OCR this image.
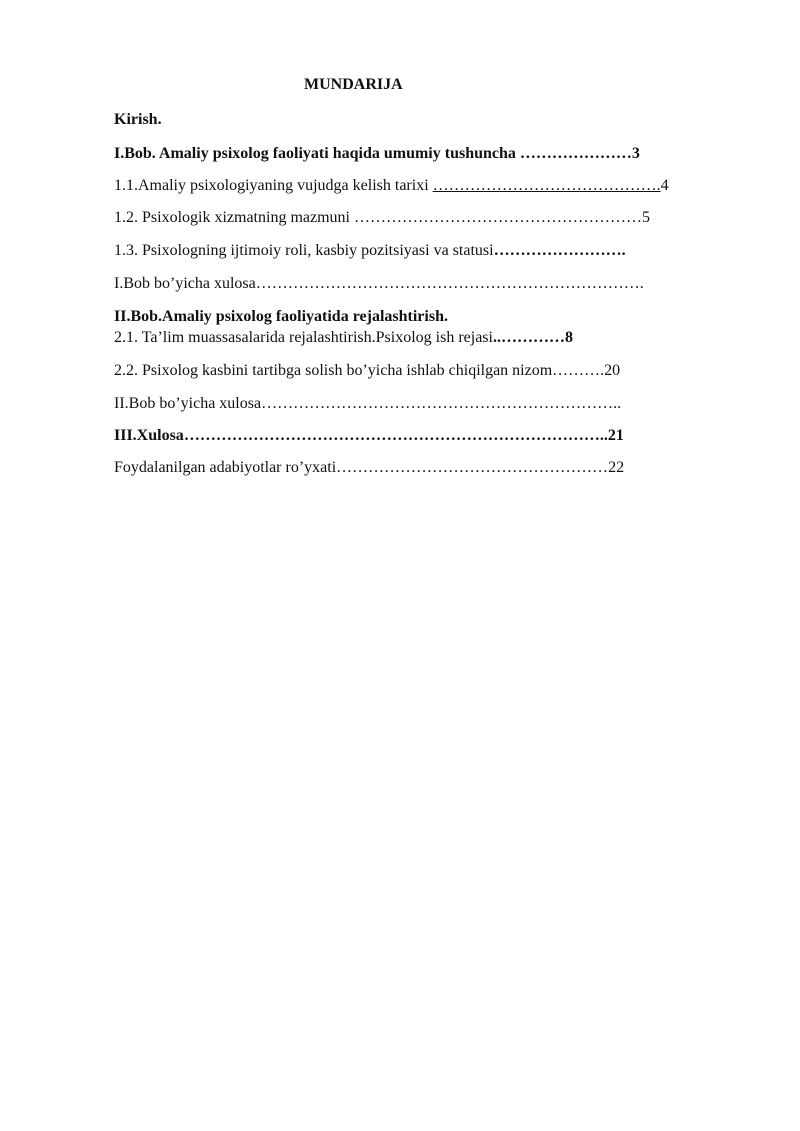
MUNDARIJA
Kirish.
I.Bob. Amaliy psixolog faoliyati haqida umumiy tushuncha …………………3
1.1.Amaliy psixologiyaning vujudga kelish tarixi …………………………………….4
1.2. Psixologik xizmatning mazmuni ………………………………………………5
1.3. Psixologning ijtimoiy roli, kasbiy pozitsiyasi va statusi…………………….
I.Bob bo’yicha xulosa……………………………………………………………….
II.Bob.Amaliy psixolog faoliyatida rejalashtirish.
2.1. Ta’lim muassasalarida rejalashtirish.Psixolog ish rejasi..…………8
2.2. Psixolog kasbini tartibga solish bo’yicha ishlab chiqilgan nizom……….20
II.Bob bo’yicha xulosa…………………………………………………………..
III.Xulosa……………………………………………………………………..21
Foydalanilgan adabiyotlar ro’yxati……………………………………………22
